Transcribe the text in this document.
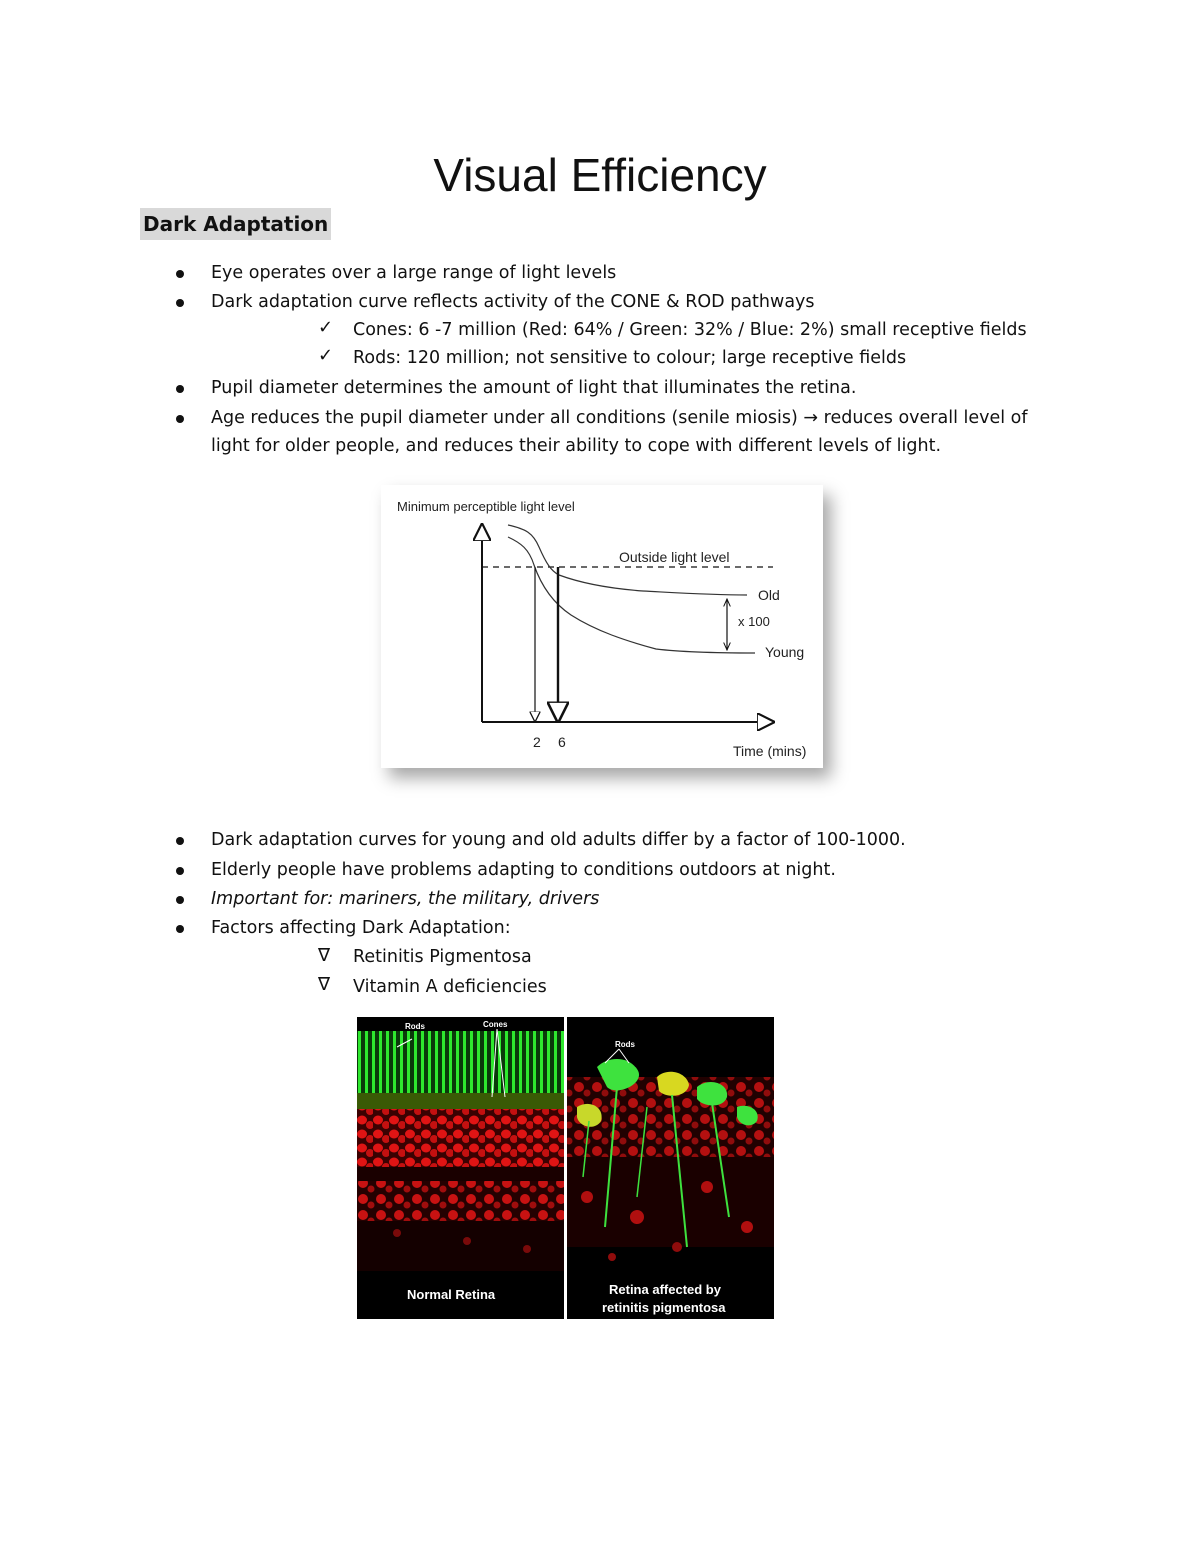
Visual Efficiency
Dark Adaptation
Eye operates over a large range of light levels
Dark adaptation curve reflects activity of the CONE & ROD pathways
✓ Cones: 6 -7 million (Red: 64% / Green: 32% / Blue: 2%) small receptive fields
✓ Rods: 120 million; not sensitive to colour; large receptive fields
Pupil diameter determines the amount of light that illuminates the retina.
Age reduces the pupil diameter under all conditions (senile miosis) → reduces overall level of light for older people, and reduces their ability to cope with different levels of light.
Minimum perceptible light level
Outside light level
Old
Young
x 100
2 6
Time (mins)
Dark adaptation curves for young and old adults differ by a factor of 100-1000.
Elderly people have problems adapting to conditions outdoors at night.
Important for: mariners, the military, drivers
Factors affecting Dark Adaptation:
∇ Retinitis Pigmentosa
∇ Vitamin A deficiencies
Rods	Cones
Normal Retina
Rods
Retina affected by
retinitis pigmentosa
